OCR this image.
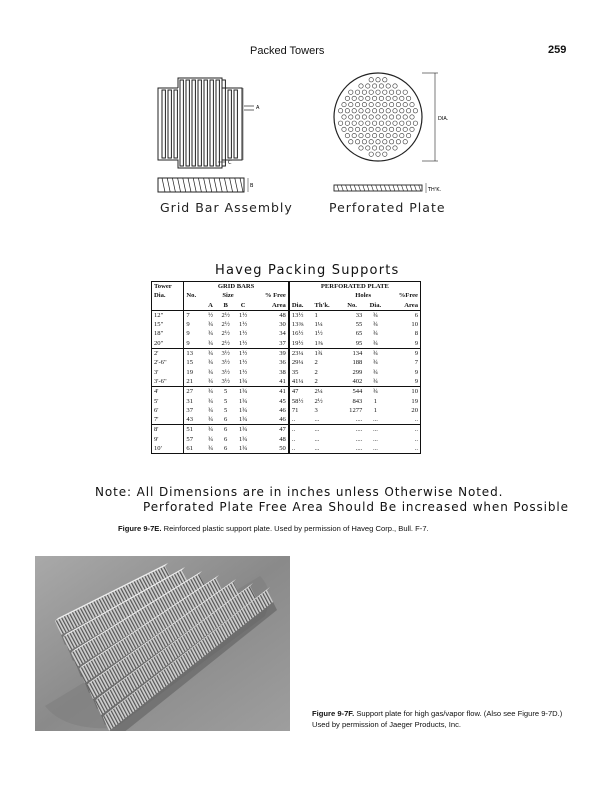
Packed Towers	259
A
C
B
DIA.
TH'K.
Grid Bar Assembly	Perforated Plate
Haveg Packing Supports
Tower	GRID BARS					PERFORATED PLATE				
Dia.	No.	Size			% Free			Holes		%Free
		A	B	C	Area	Dia.	Th'k.	No.	Dia.	Area
12"	7	½	2½	1½	48	13½	1	33	¾	6
15"	9	¾	2½	1½	30	13⅜	1¼	55	¾	10
18"	9	¾	2½	1½	34	16½	1½	65	¾	8
20"	9	¾	2½	1½	37	19½	1⅜	95	¾	9
2'	13	¾	3½	1½	39	23¼	1¾	134	¾	9
2'-6"	15	¾	3½	1½	36	29¼	2	188	¾	7
3'	19	¾	3½	1½	38	35	2	299	¾	9
3'-6"	21	¾	3½	1¾	41	41¼	2	402	¾	9
4'	27	¾	5	1¾	41	47	2¼	544	¾	10
5'	31	¾	5	1¾	45	58½	2½	843	1	19
6'	37	¾	5	1¾	46	71	3	1277	1	20
7'	43	¾	6	1¾	46	..	...	....	...	..
8'	51	¾	6	1¾	47	..	...	....	...	..
9'	57	¾	6	1¾	48	..	...	....	...	..
10'	61	¾	6	1¾	50	..	...	....	...	..
Note: All Dimensions are in inches unless Otherwise Noted.
Perforated Plate Free Area Should Be increased when Possible
Figure 9-7E. Reinforced plastic support plate. Used by permission of Haveg Corp., Bull. F-7.
Figure 9-7F. Support plate for high gas/vapor flow. (Also see Figure 9-7D.) Used by permission of Jaeger Products, Inc.
